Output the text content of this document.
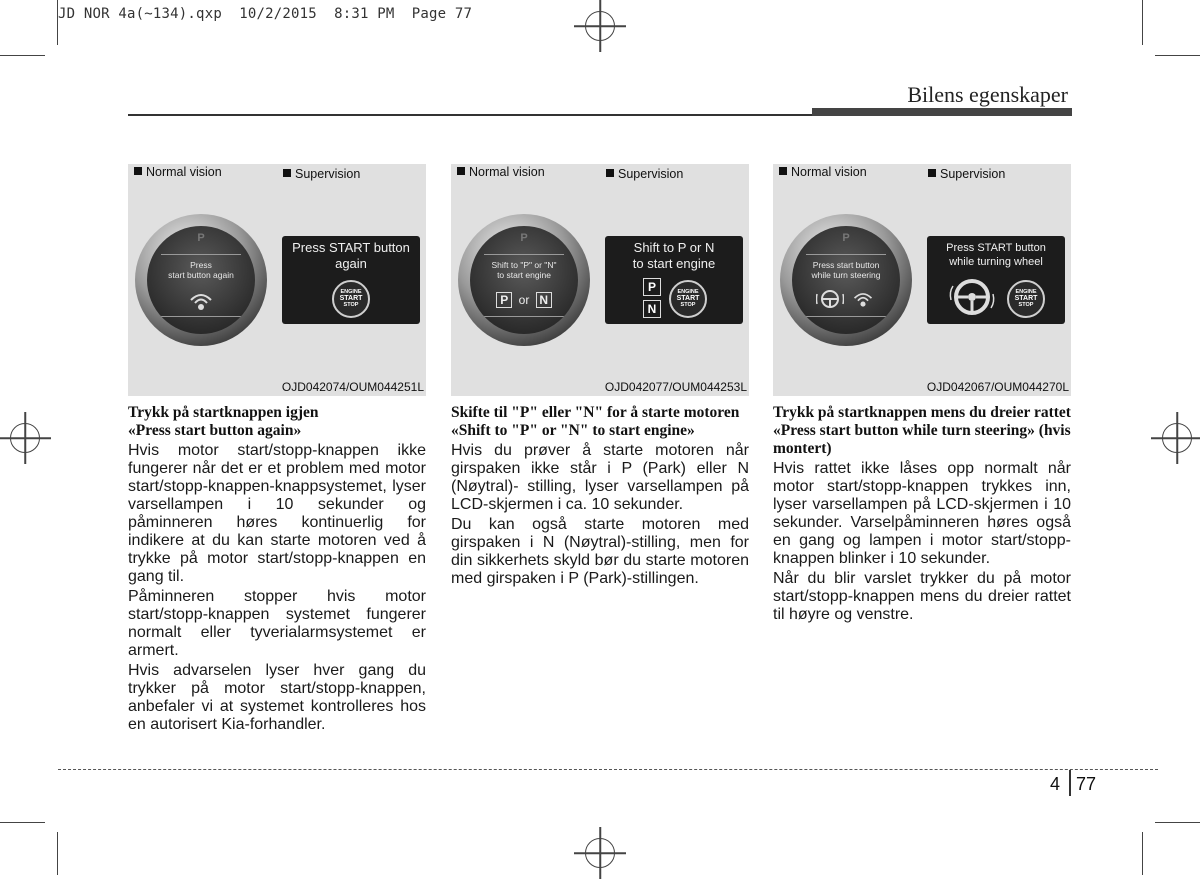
JD NOR 4a(~134).qxp  10/2/2015  8:31 PM  Page 77
Bilens egenskaper
Normal vision	Supervision
P
Press
start button again
Press START button
again
ENGINE
START
STOP
OJD042074/OUM044251L

Trykk på startknappen igjen
«Press start button again»

Hvis motor start/stopp-knappen ikke fungerer når det er et problem med motor start/stopp-knappen-knappsystemet, lyser varsellampen i 10 sekunder og påminneren høres kontinuerlig for indikere at du kan starte motoren ved å trykke på motor start/stopp-knappen en gang til.

Påminneren stopper hvis motor start/stopp-knappen systemet fungerer normalt eller tyverialarmsystemet er armert.

Hvis advarselen lyser hver gang du trykker på motor start/stopp-knappen, anbefaler vi at systemet kontrolleres hos en autorisert Kia-forhandler.

Normal vision	Supervision
P
Shift to "P" or "N"
to start engine
P or N
Shift to P or N
to start engine
P
N
ENGINE
START
STOP
OJD042077/OUM044253L

Skifte til "P" eller "N" for å starte motoren
«Shift to "P" or "N" to start engine»

Hvis du prøver å starte motoren når girspaken ikke står i P (Park) eller N (Nøytral)- stilling, lyser varsellampen på LCD-skjermen i ca. 10 sekunder.

Du kan også starte motoren med girspaken i N (Nøytral)-stilling, men for din sikkerhets skyld bør du starte motoren med girspaken i P (Park)-stillingen.

Normal vision	Supervision
P
Press start button
while turn steering
Press START button
while turning wheel
ENGINE
START
STOP
OJD042067/OUM044270L

Trykk på startknappen mens du dreier rattet «Press start button while turn steering» (hvis montert)

Hvis rattet ikke låses opp normalt når motor start/stopp-knappen trykkes inn, lyser varsellampen på LCD-skjermen i 10 sekunder. Varselpåminneren høres også en gang og lampen i motor start/stopp-knappen blinker i 10 sekunder.

Når du blir varslet trykker du på motor start/stopp-knappen mens du dreier rattet til høyre og venstre.

4 77
